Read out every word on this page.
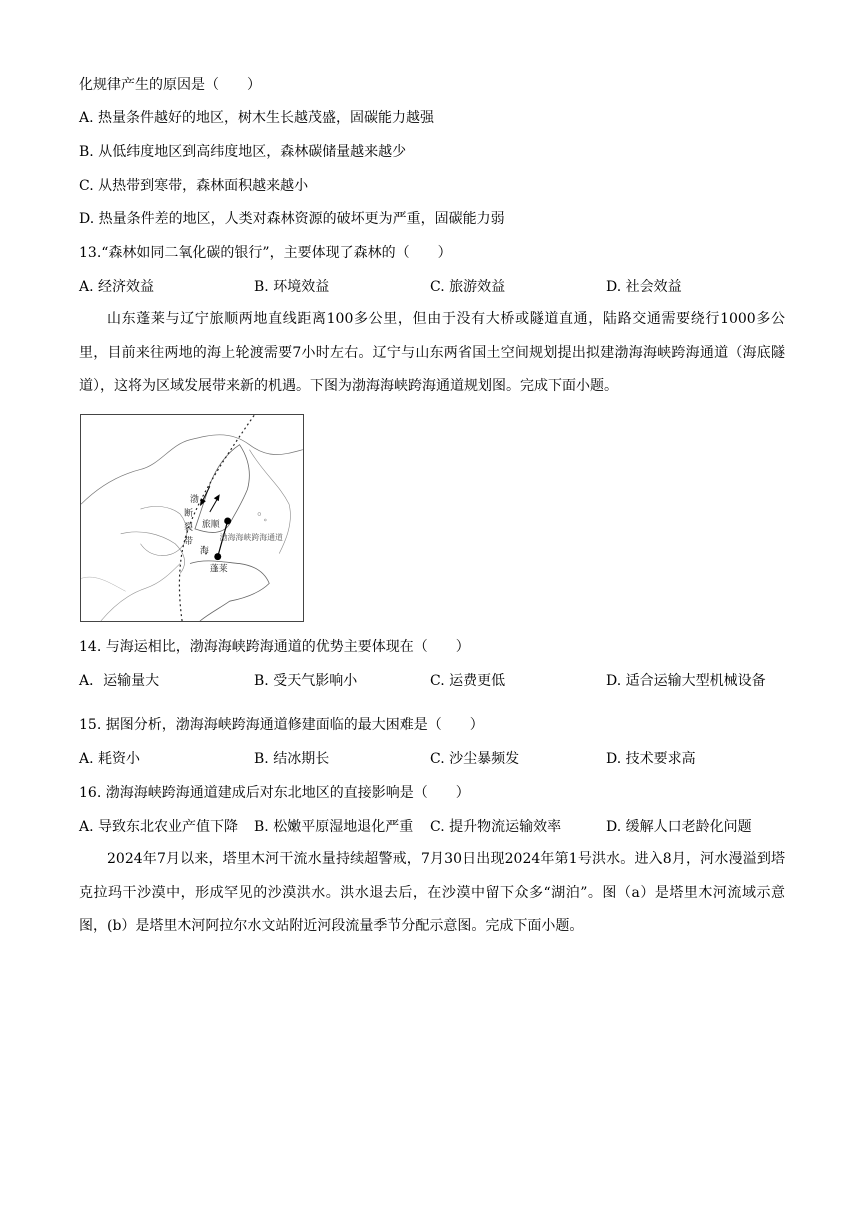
化规律产生的原因是（　　）
A. 热量条件越好的地区，树木生长越茂盛，固碳能力越强
B. 从低纬度地区到高纬度地区，森林碳储量越来越少
C. 从热带到寒带，森林面积越来越小
D. 热量条件差的地区，人类对森林资源的破坏更为严重，固碳能力弱
13.“森林如同二氧化碳的银行”，主要体现了森林的（　　）
A. 经济效益	B. 环境效益	C. 旅游效益	D. 社会效益
山东蓬莱与辽宁旅顺两地直线距离100多公里，但由于没有大桥或隧道直通，陆路交通需要绕行1000多公里，目前来往两地的海上轮渡需要7小时左右。辽宁与山东两省国土空间规划提出拟建渤海海峡跨海通道（海底隧道），这将为区域发展带来新的机遇。下图为渤海海峡跨海通道规划图。完成下面小题。
渤
断
裂
带
旅顺
海
渤海海峡跨海通道
蓬莱
14. 与海运相比，渤海海峡跨海通道的优势主要体现在（　　）
A．运输量大	B. 受天气影响小	C. 运费更低	D. 适合运输大型机械设备
15. 据图分析，渤海海峡跨海通道修建面临的最大困难是（　　）
A. 耗资小	B. 结冰期长	C. 沙尘暴频发	D. 技术要求高
16. 渤海海峡跨海通道建成后对东北地区的直接影响是（　　）
A. 导致东北农业产值下降 B. 松嫩平原湿地退化严重 C. 提升物流运输效率	D. 缓解人口老龄化问题
2024年7月以来，塔里木河干流水量持续超警戒，7月30日出现2024年第1号洪水。进入8月，河水漫溢到塔克拉玛干沙漠中，形成罕见的沙漠洪水。洪水退去后，在沙漠中留下众多“湖泊”。图（a）是塔里木河流域示意图，(b）是塔里木河阿拉尔水文站附近河段流量季节分配示意图。完成下面小题。
